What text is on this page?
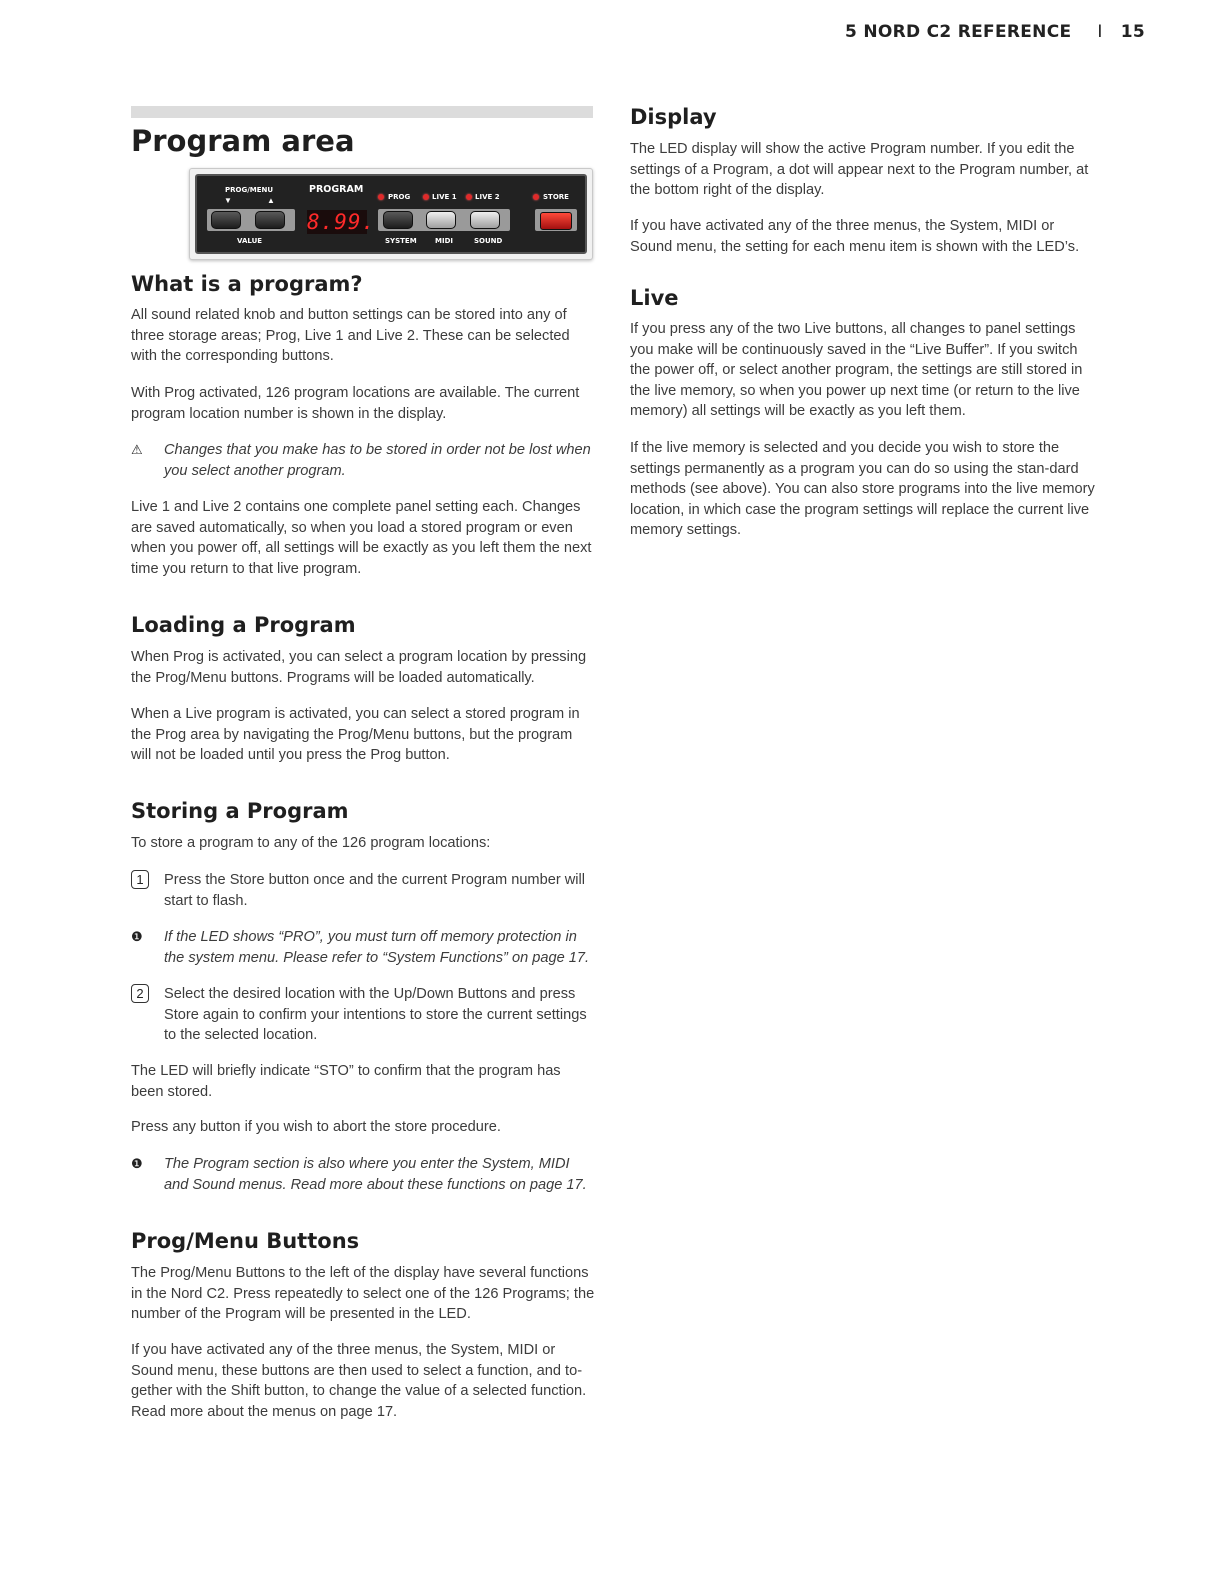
5 NORD C2 REFERENCE I 15
Program area
PROG/MENU
▼	▲
VALUE
PROGRAM
8.99.
PROG	LIVE 1	LIVE 2	STORE
SYSTEM	MIDI	SOUND
What is a program?

All sound related knob and button settings can be stored into any of three storage areas; Prog, Live 1 and Live 2. These can be selected with the corresponding buttons.

With Prog activated, 126 program locations are available. The current program location number is shown in the display.

⚠ Changes that you make has to be stored in order not be lost when you select another program.

Live 1 and Live 2 contains one complete panel setting each. Changes are saved automatically, so when you load a stored program or even when you power off, all settings will be exactly as you left them the next time you return to that live program.

Loading a Program

When Prog is activated, you can select a program location by pressing the Prog/Menu buttons. Programs will be loaded automatically.

When a Live program is activated, you can select a stored program in the Prog area by navigating the Prog/Menu buttons, but the program will not be loaded until you press the Prog button.

Storing a Program

To store a program to any of the 126 program locations:

1	Press the Store button once and the current Program number will start to flash.
❶ If the LED shows “PRO”, you must turn off memory protection in the system menu. Please refer to “System Functions” on page 17.
2	Select the desired location with the Up/Down Buttons and press Store again to confirm your intentions to store the current settings to the selected location.

The LED will briefly indicate “STO” to confirm that the program has been stored.

Press any button if you wish to abort the store procedure.

❶ The Program section is also where you enter the System, MIDI and Sound menus. Read more about these functions on page 17.
Prog/Menu Buttons

The Prog/Menu Buttons to the left of the display have several functions in the Nord C2. Press repeatedly to select one of the 126 Programs; the number of the Program will be presented in the LED.

If you have activated any of the three menus, the System, MIDI or Sound menu, these buttons are then used to select a function, and to-gether with the Shift button, to change the value of a selected function. Read more about the menus on page 17.

Display

The LED display will show the active Program number. If you edit the settings of a Program, a dot will appear next to the Program number, at the bottom right of the display.

If you have activated any of the three menus, the System, MIDI or Sound menu, the setting for each menu item is shown with the LED’s.

Live

If you press any of the two Live buttons, all changes to panel settings you make will be continuously saved in the “Live Buffer”. If you switch the power off, or select another program, the settings are still stored in the live memory, so when you power up next time (or return to the live memory) all settings will be exactly as you left them.

If the live memory is selected and you decide you wish to store the settings permanently as a program you can do so using the stan-dard methods (see above). You can also store programs into the live memory location, in which case the program settings will replace the current live memory settings.
